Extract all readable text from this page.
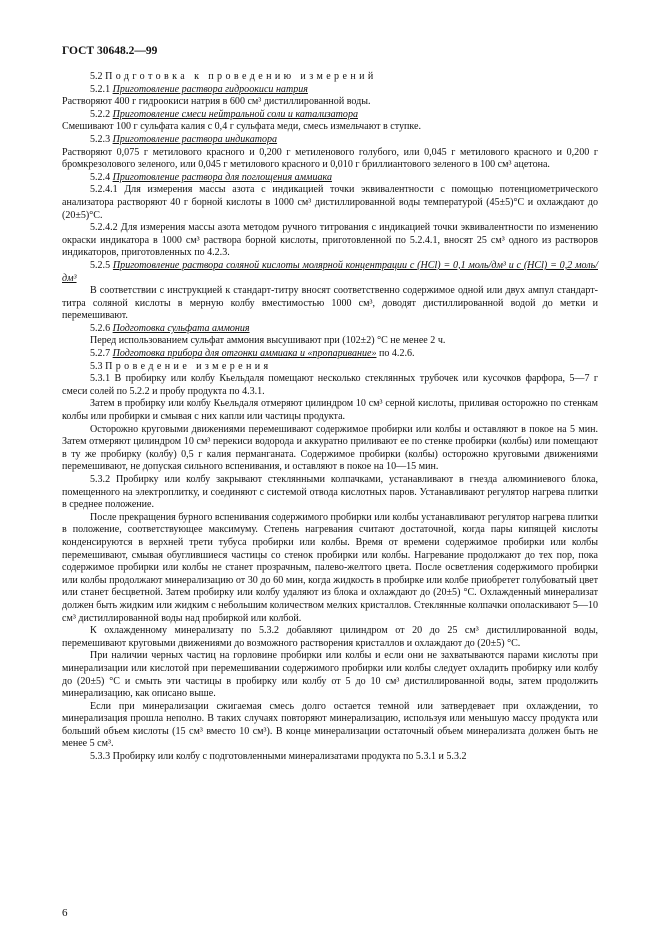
ГОСТ 30648.2—99

5.2 Подготовка к проведению измерений

5.2.1 Приготовление раствора гидроокиси натрия

Растворяют 400 г гидроокиси натрия в 600 см³ дистиллированной воды.

5.2.2 Приготовление смеси нейтральной соли и катализатора

Смешивают 100 г сульфата калия с 0,4 г сульфата меди, смесь измельчают в ступке.

5.2.3 Приготовление раствора индикатора

Растворяют 0,075 г метилового красного и 0,200 г метиленового голубого, или 0,045 г метилового красного и 0,200 г бромкрезолового зеленого, или 0,045 г метилового красного и 0,010 г бриллиантового зеленого в 100 см³ ацетона.

5.2.4 Приготовление раствора для поглощения аммиака

5.2.4.1 Для измерения массы азота с индикацией точки эквивалентности с помощью потенциометрического анализатора растворяют 40 г борной кислоты в 1000 см³ дистиллированной воды температурой (45±5)°С и охлаждают до (20±5)°С.

5.2.4.2 Для измерения массы азота методом ручного титрования с индикацией точки эквивалентности по изменению окраски индикатора в 1000 см³ раствора борной кислоты, приготовленной по 5.2.4.1, вносят 25 см³ одного из растворов индикаторов, приготовленных по 4.2.3.

5.2.5 Приготовление раствора соляной кислоты молярной концентрации с (HCl) = 0,1 моль/дм³ и с (HCl) = 0,2 моль/дм³

В соответствии с инструкцией к стандарт-титру вносят соответственно содержимое одной или двух ампул стандарт-титра соляной кислоты в мерную колбу вместимостью 1000 см³, доводят дистиллированной водой до метки и перемешивают.

5.2.6 Подготовка сульфата аммония

Перед использованием сульфат аммония высушивают при (102±2) °С не менее 2 ч.

5.2.7 Подготовка прибора для отгонки аммиака и «пропаривание» по 4.2.6.

5.3 Проведение измерения

5.3.1 В пробирку или колбу Кьельдаля помещают несколько стеклянных трубочек или кусочков фарфора, 5—7 г смеси солей по 5.2.2 и пробу продукта по 4.3.1.

Затем в пробирку или колбу Кьельдаля отмеряют цилиндром 10 см³ серной кислоты, приливая осторожно по стенкам колбы или пробирки и смывая с них капли или частицы продукта.

Осторожно круговыми движениями перемешивают содержимое пробирки или колбы и оставляют в покое на 5 мин. Затем отмеряют цилиндром 10 см³ перекиси водорода и аккуратно приливают ее по стенке пробирки (колбы) или помещают в ту же пробирку (колбу) 0,5 г калия перманганата. Содержимое пробирки (колбы) осторожно круговыми движениями перемешивают, не допуская сильного вспенивания, и оставляют в покое на 10—15 мин.

5.3.2 Пробирку или колбу закрывают стеклянными колпачками, устанавливают в гнезда алюминиевого блока, помещенного на электроплитку, и соединяют с системой отвода кислотных паров. Устанавливают регулятор нагрева плитки в среднее положение.

После прекращения бурного вспенивания содержимого пробирки или колбы устанавливают регулятор нагрева плитки в положение, соответствующее максимуму. Степень нагревания считают достаточной, когда пары кипящей кислоты конденсируются в верхней трети тубуса пробирки или колбы. Время от времени содержимое пробирки или колбы перемешивают, смывая обуглившиеся частицы со стенок пробирки или колбы. Нагревание продолжают до тех пор, пока содержимое пробирки или колбы не станет прозрачным, палево-желтого цвета. После осветления содержимого пробирки или колбы продолжают минерализацию от 30 до 60 мин, когда жидкость в пробирке или колбе приобретет голубоватый цвет или станет бесцветной. Затем пробирку или колбу удаляют из блока и охлаждают до (20±5) °С. Охлажденный минерализат должен быть жидким или жидким с небольшим количеством мелких кристаллов. Стеклянные колпачки ополаскивают 5—10 см³ дистиллированной воды над пробиркой или колбой.

К охлажденному минерализату по 5.3.2 добавляют цилиндром от 20 до 25 см³ дистиллированной воды, перемешивают круговыми движениями до возможного растворения кристаллов и охлаждают до (20±5) °С.

При наличии черных частиц на горловине пробирки или колбы и если они не захватываются парами кислоты при минерализации или кислотой при перемешивании содержимого пробирки или колбы следует охладить пробирку или колбу до (20±5) °С и смыть эти частицы в пробирку или колбу от 5 до 10 см³ дистиллированной воды, затем продолжить минерализацию, как описано выше.

Если при минерализации сжигаемая смесь долго остается темной или затвердевает при охлаждении, то минерализация прошла неполно. В таких случаях повторяют минерализацию, используя или меньшую массу продукта или больший объем кислоты (15 см³ вместо 10 см³). В конце минерализации остаточный объем минерализата должен быть не менее 5 см³.

5.3.3 Пробирку или колбу с подготовленными минерализатами продукта по 5.3.1 и 5.3.2

6
